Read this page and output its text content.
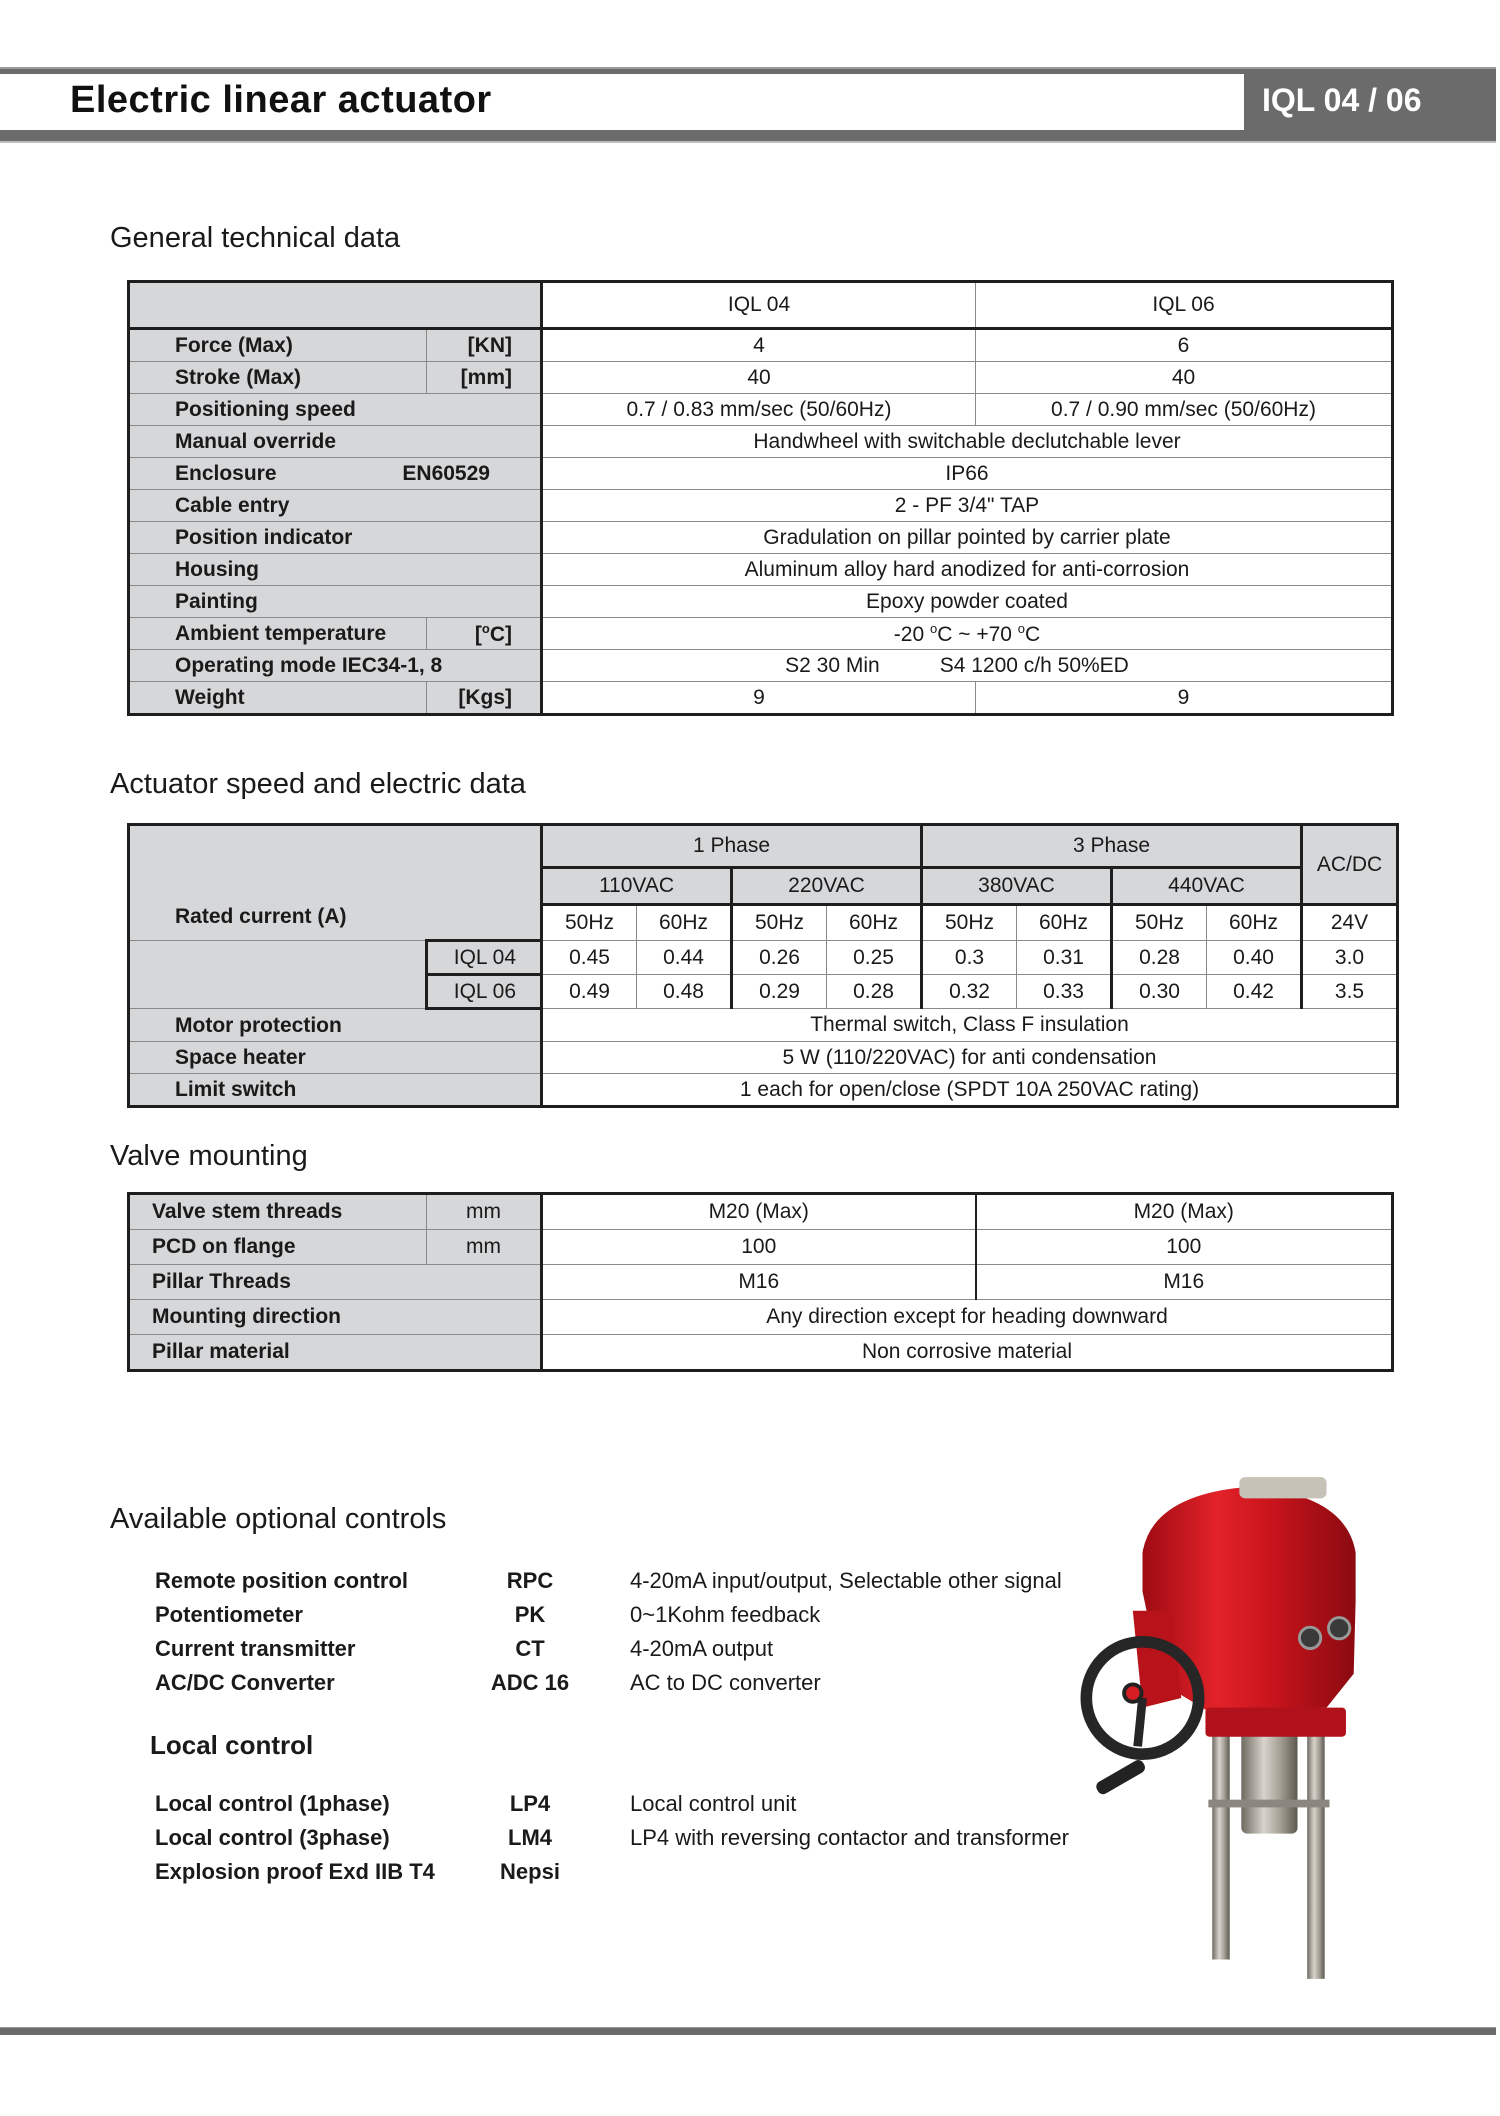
Electric linear actuator	IQL 04 / 06
General technical data
		IQL 04	IQL 06
Force (Max)	[KN]	4	6
Stroke (Max)	[mm]	40	40
Positioning speed		0.7 / 0.83 mm/sec (50/60Hz)	0.7 / 0.90 mm/sec (50/60Hz)
Manual override		Handwheel with switchable declutchable lever	
Enclosure EN60529		IP66	
Cable entry		2 - PF 3/4" TAP	
Position indicator		Gradulation on pillar pointed by carrier plate	
Housing		Aluminum alloy hard anodized for anti-corrosion	
Painting		Epoxy powder coated	
Ambient temperature	[$^o$C]	-20 $^o$C ~ +70 $^o$C	
Operating mode IEC34-1, 8		S2 30 Min S4 1200 c/h 50%ED	
Weight	[Kgs]	9	9
Actuator speed and electric data
Rated current (A)		1 Phase				3 Phase				AC/DC
		110VAC		220VAC		380VAC		440VAC		
		50Hz	60Hz	50Hz	60Hz	50Hz	60Hz	50Hz	60Hz	24V
	IQL 04	0.45	0.44	0.26	0.25	0.3	0.31	0.28	0.40	3.0
	IQL 06	0.49	0.48	0.29	0.28	0.32	0.33	0.30	0.42	3.5
Motor protection		Thermal switch, Class F insulation								
Space heater		5 W (110/220VAC) for anti condensation								
Limit switch		1 each for open/close (SPDT 10A 250VAC rating)								
Valve mounting
Valve stem threads	mm	M20 (Max)	M20 (Max)
PCD on flange	mm	100	100
Pillar Threads		M16	M16
Mounting direction		Any direction except for heading downward	
Pillar material		Non corrosive material	
Available optional controls
Remote position control	RPC	4-20mA input/output, Selectable other signal
Potentiometer	PK	0~1Kohm feedback
Current transmitter	CT	4-20mA output
AC/DC Converter	ADC 16	AC to DC converter
Local control
Local control (1phase)	LP4	Local control unit
Local control (3phase)	LM4	LP4 with reversing contactor and transformer
Explosion proof Exd IIB T4	Nepsi
